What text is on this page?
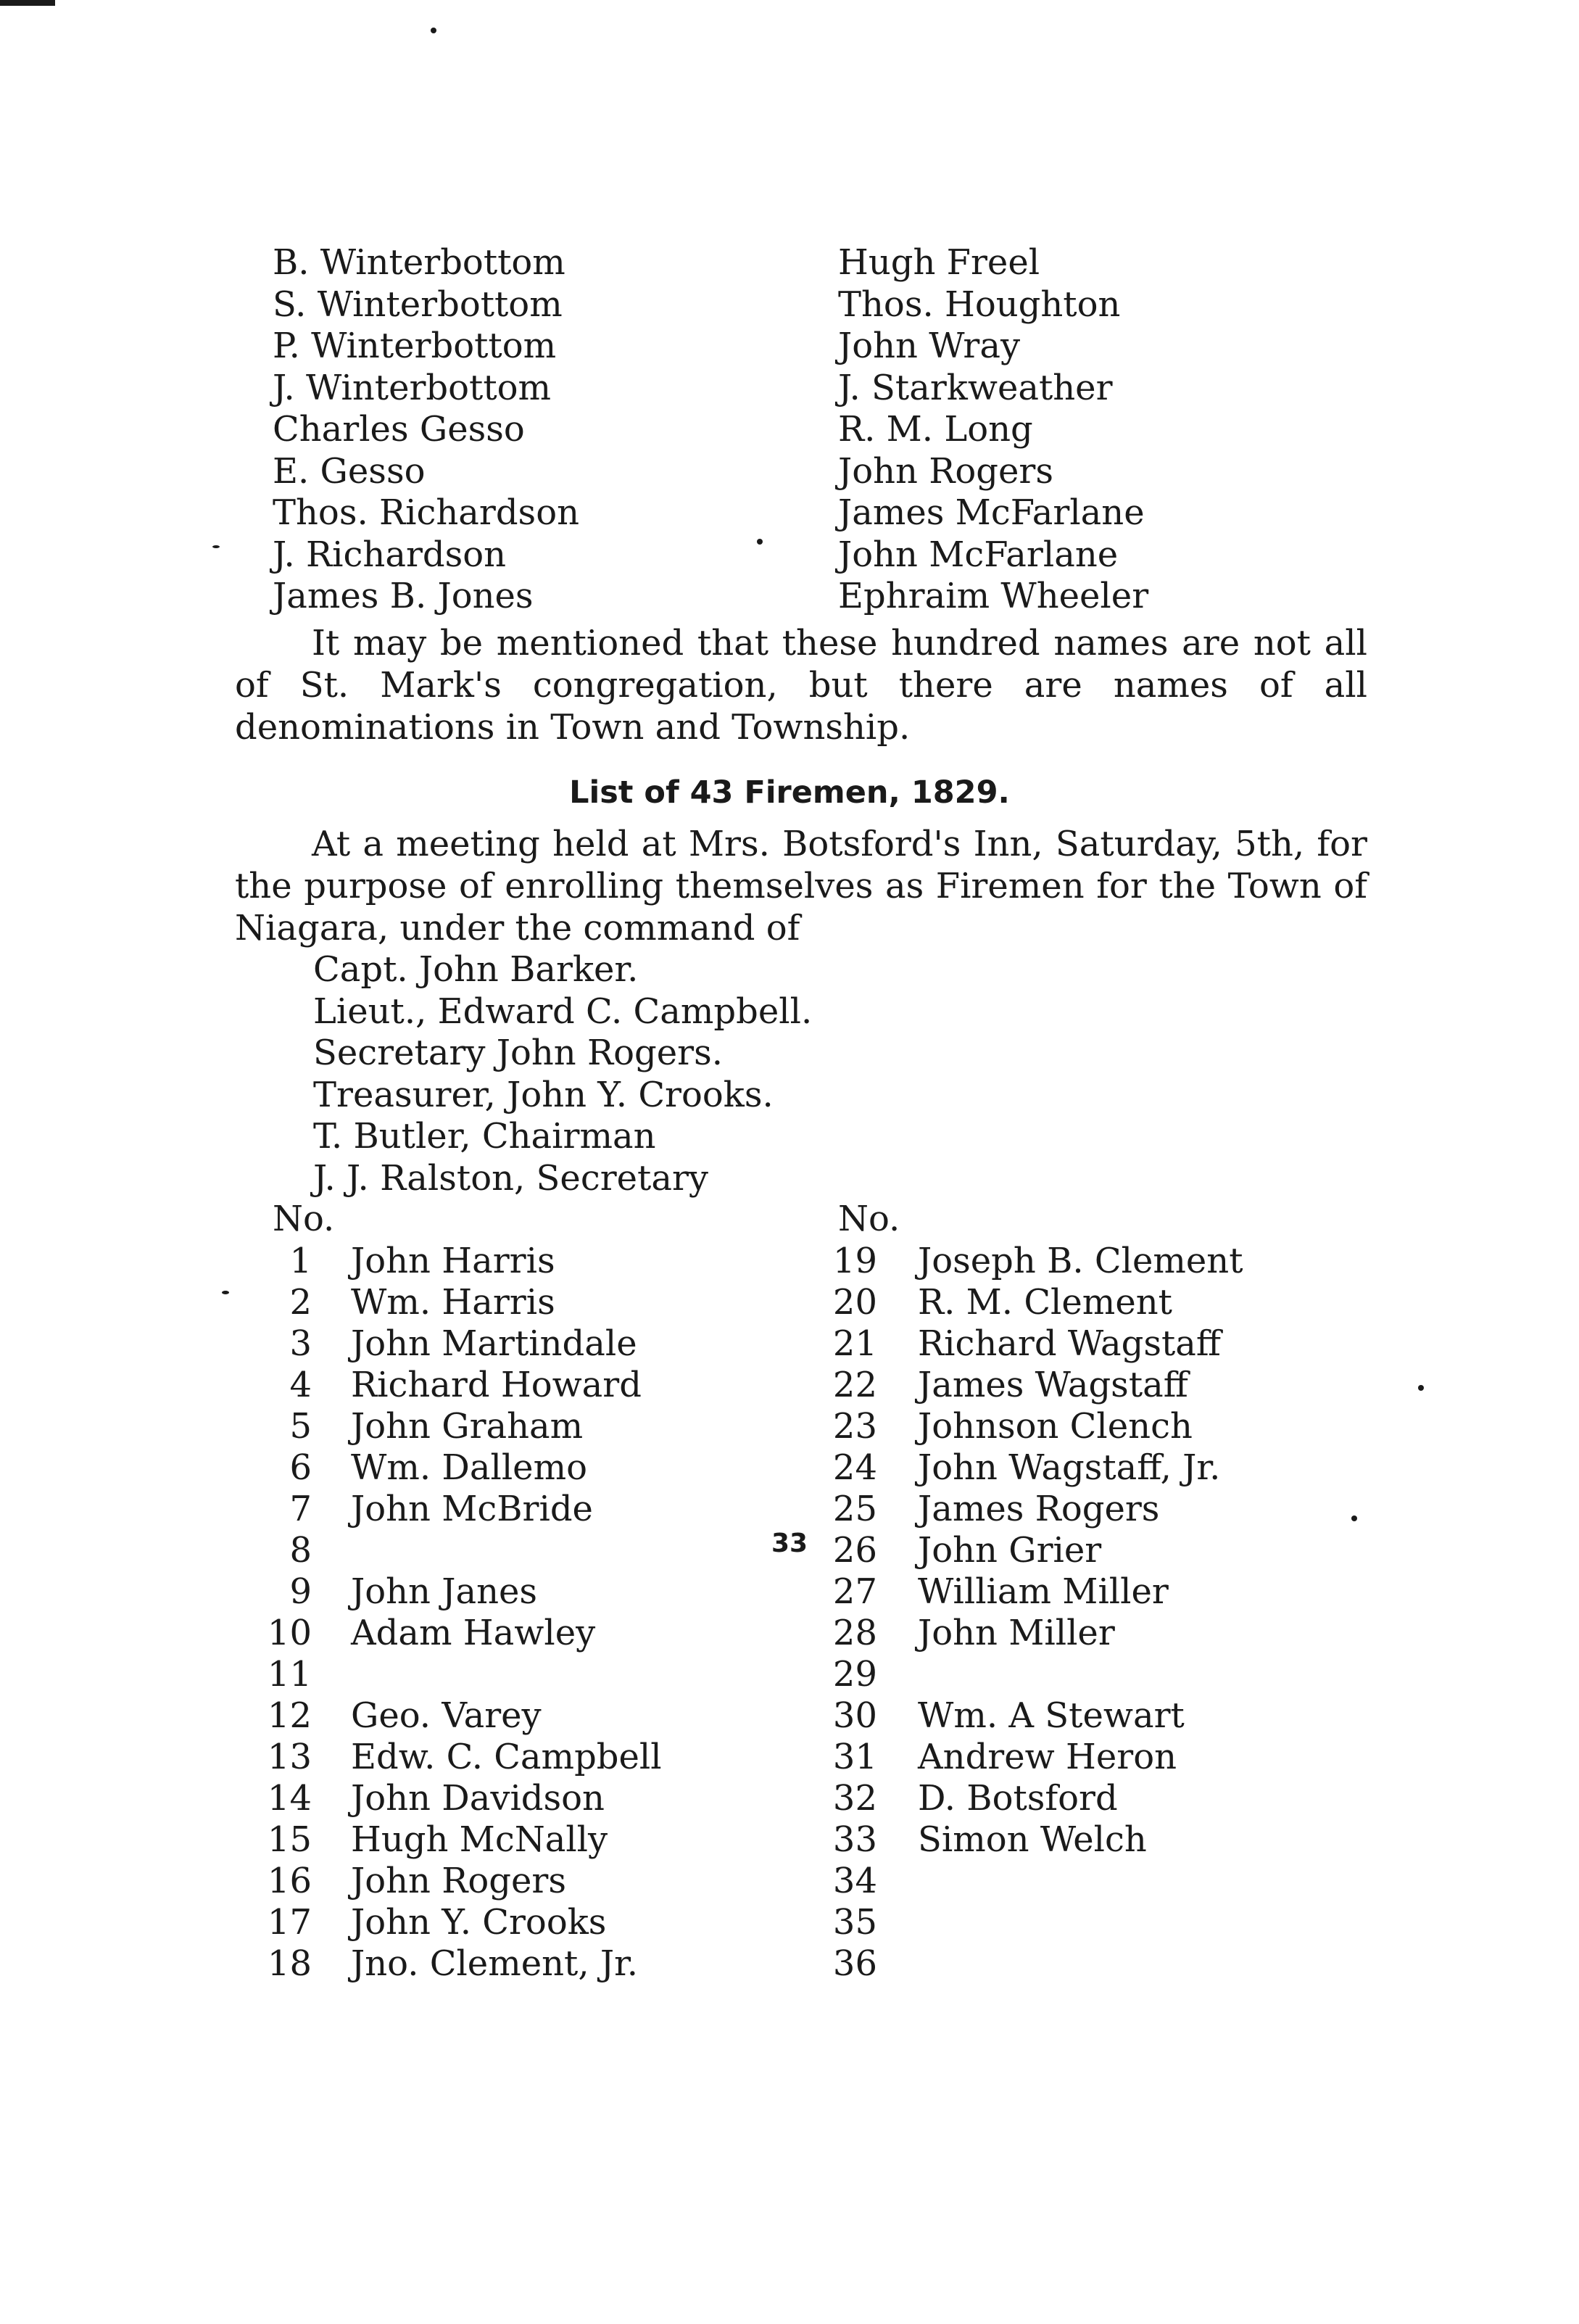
B. Winterbottom	Hugh Freel
S. Winterbottom	Thos. Houghton
P. Winterbottom	John Wray
J. Winterbottom	J. Starkweather
Charles Gesso	R. M. Long
E. Gesso	John Rogers
Thos. Richardson	James McFarlane
J. Richardson	John McFarlane
James B. Jones	Ephraim Wheeler

It may be mentioned that these hundred names are not all of St. Mark's congregation, but there are names of all denominations in Town and Township.

List of 43 Firemen, 1829.

At a meeting held at Mrs. Botsford's Inn, Saturday, 5th, for the purpose of enrolling themselves as Firemen for the Town of Niagara, under the command of

Capt. John Barker.
Lieut., Edward C. Campbell.
Secretary John Rogers.
Treasurer, John Y. Crooks.
T. Butler, Chairman
J. J. Ralston, Secretary
No.	No.
1 John Harris
2 Wm. Harris
3 John Martindale
4 Richard Howard
5 John Graham
6 Wm. Dallemo
7 John McBride
8
9 John Janes
10 Adam Hawley
11
12 Geo. Varey
13 Edw. C. Campbell
14 John Davidson
15 Hugh McNally
16 John Rogers
17 John Y. Crooks
18 Jno. Clement, Jr.
19 Joseph B. Clement
20 R. M. Clement
21 Richard Wagstaff
22 James Wagstaff
23 Johnson Clench
24 John Wagstaff, Jr.
25 James Rogers
26 John Grier
27 William Miller
28 John Miller
29
30 Wm. A Stewart
31 Andrew Heron
32 D. Botsford
33 Simon Welch
34
35
36
33
